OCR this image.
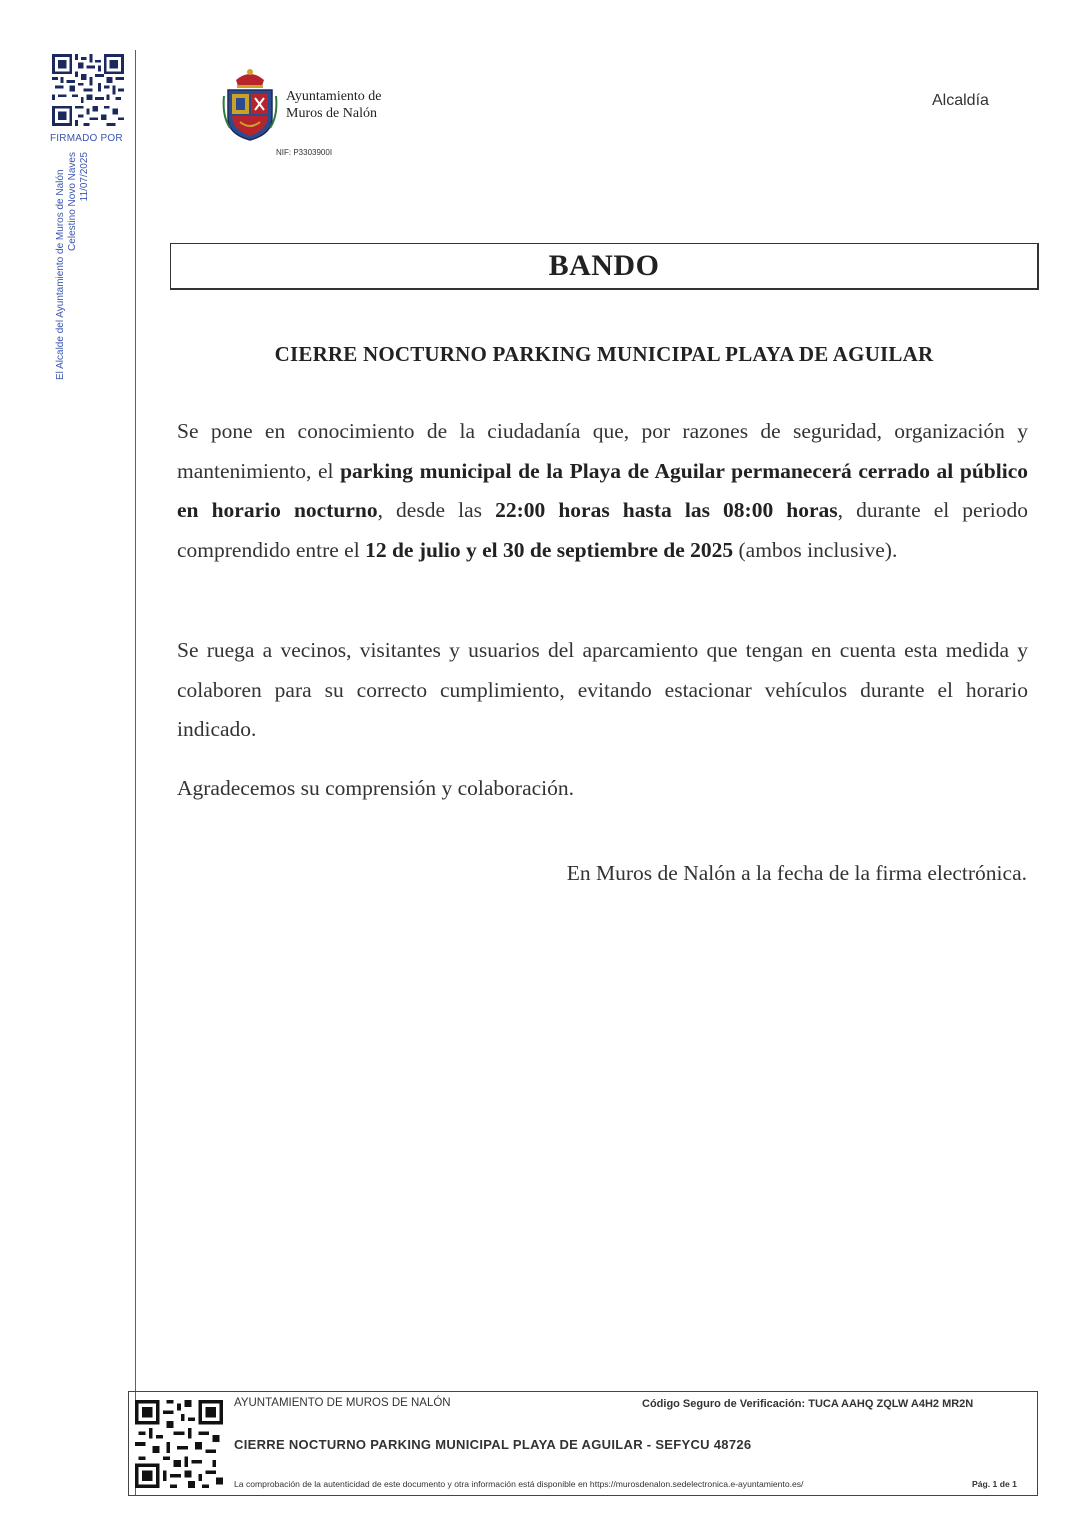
FIRMADO POR
El Alcalde del Ayuntamiento de Muros de Nalón Celestino Novo Naves 11/07/2025
Ayuntamiento de
Muros de Nalón
NIF: P3303900I
Alcaldía
BANDO
CIERRE NOCTURNO PARKING MUNICIPAL PLAYA DE AGUILAR

Se pone en conocimiento de la ciudadanía que, por razones de seguridad, organización y mantenimiento, el parking municipal de la Playa de Aguilar permanecerá cerrado al público en horario nocturno, desde las 22:00 horas hasta las 08:00 horas, durante el periodo comprendido entre el 12 de julio y el 30 de septiembre de 2025 (ambos inclusive).

Se ruega a vecinos, visitantes y usuarios del aparcamiento que tengan en cuenta esta medida y colaboren para su correcto cumplimiento, evitando estacionar vehículos durante el horario indicado.

Agradecemos su comprensión y colaboración.

En Muros de Nalón a la fecha de la firma electrónica.
AYUNTAMIENTO DE MUROS DE NALÓN	Código Seguro de Verificación: TUCA AAHQ ZQLW A4H2 MR2N
CIERRE NOCTURNO PARKING MUNICIPAL PLAYA DE AGUILAR - SEFYCU 48726
La comprobación de la autenticidad de este documento y otra información está disponible en https://murosdenalon.sedelectronica.e-ayuntamiento.es/	Pág. 1 de 1
